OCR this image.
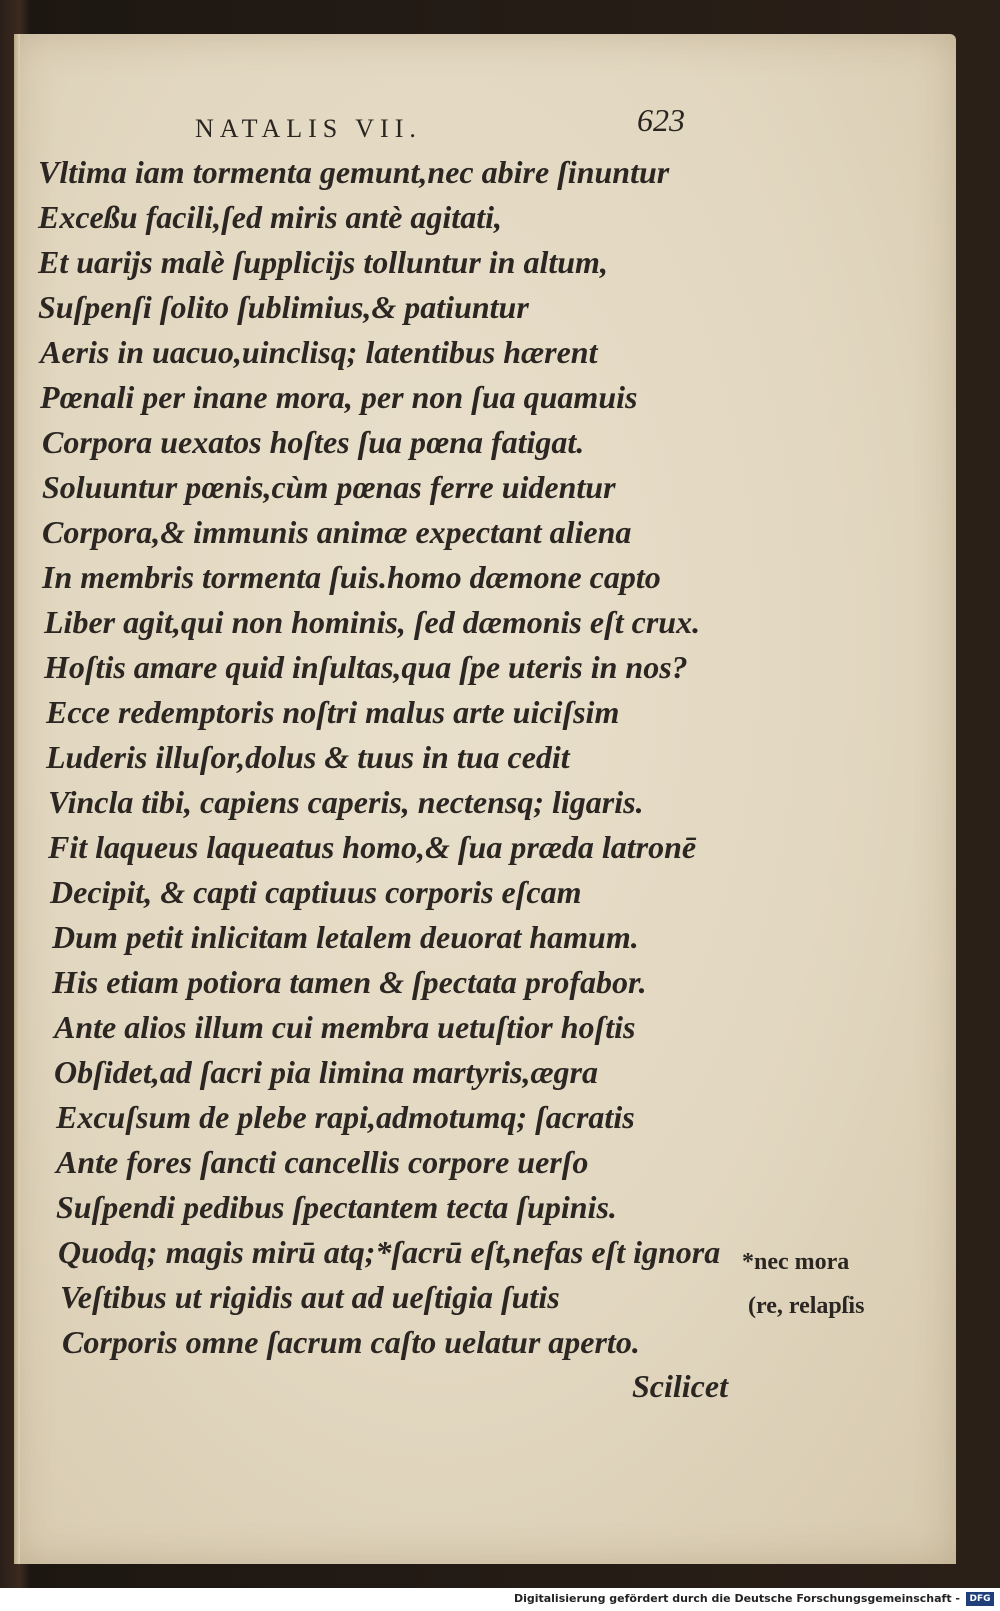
NATALIS VII.	623
Vltima iam tormenta gemunt,nec abire ſinuntur
Exceßu facili,ſed miris antè agitati,
Et uarijs malè ſupplicijs tolluntur in altum,
Suſpenſi ſolito ſublimius,& patiuntur
Aeris in uacuo,uinclisq; latentibus hærent
Pœnali per inane mora, per non ſua quamuis
Corpora uexatos hoſtes ſua pœna fatigat.
Soluuntur pœnis,cùm pœnas ferre uidentur
Corpora,& immunis animæ expectant aliena
In membris tormenta ſuis.homo dæmone capto
Liber agit,qui non hominis, ſed dæmonis eſt crux.
Hoſtis amare quid inſultas,qua ſpe uteris in nos?
Ecce redemptoris noſtri malus arte uiciſsim
Luderis illuſor,dolus & tuus in tua cedit
Vincla tibi, capiens caperis, nectensq; ligaris.
Fit laqueus laqueatus homo,& ſua præda latronē
Decipit, & capti captiuus corporis eſcam
Dum petit inlicitam letalem deuorat hamum.
His etiam potiora tamen & ſpectata profabor.
Ante alios illum cui membra uetuſtior hoſtis
Obſidet,ad ſacri pia limina martyris,ægra
Excuſsum de plebe rapi,admotumq; ſacratis
Ante fores ſancti cancellis corpore uerſo
Suſpendi pedibus ſpectantem tecta ſupinis.
Quodq; magis mirū atq;*ſacrū eſt,nefas eſt ignora
Veſtibus ut rigidis aut ad ueſtigia ſutis
Corporis omne ſacrum caſto uelatur aperto.
*nec mora
(re, relapſis
Scilicet
Digitalisierung gefördert durch die Deutsche Forschungsgemeinschaft -	DFG
